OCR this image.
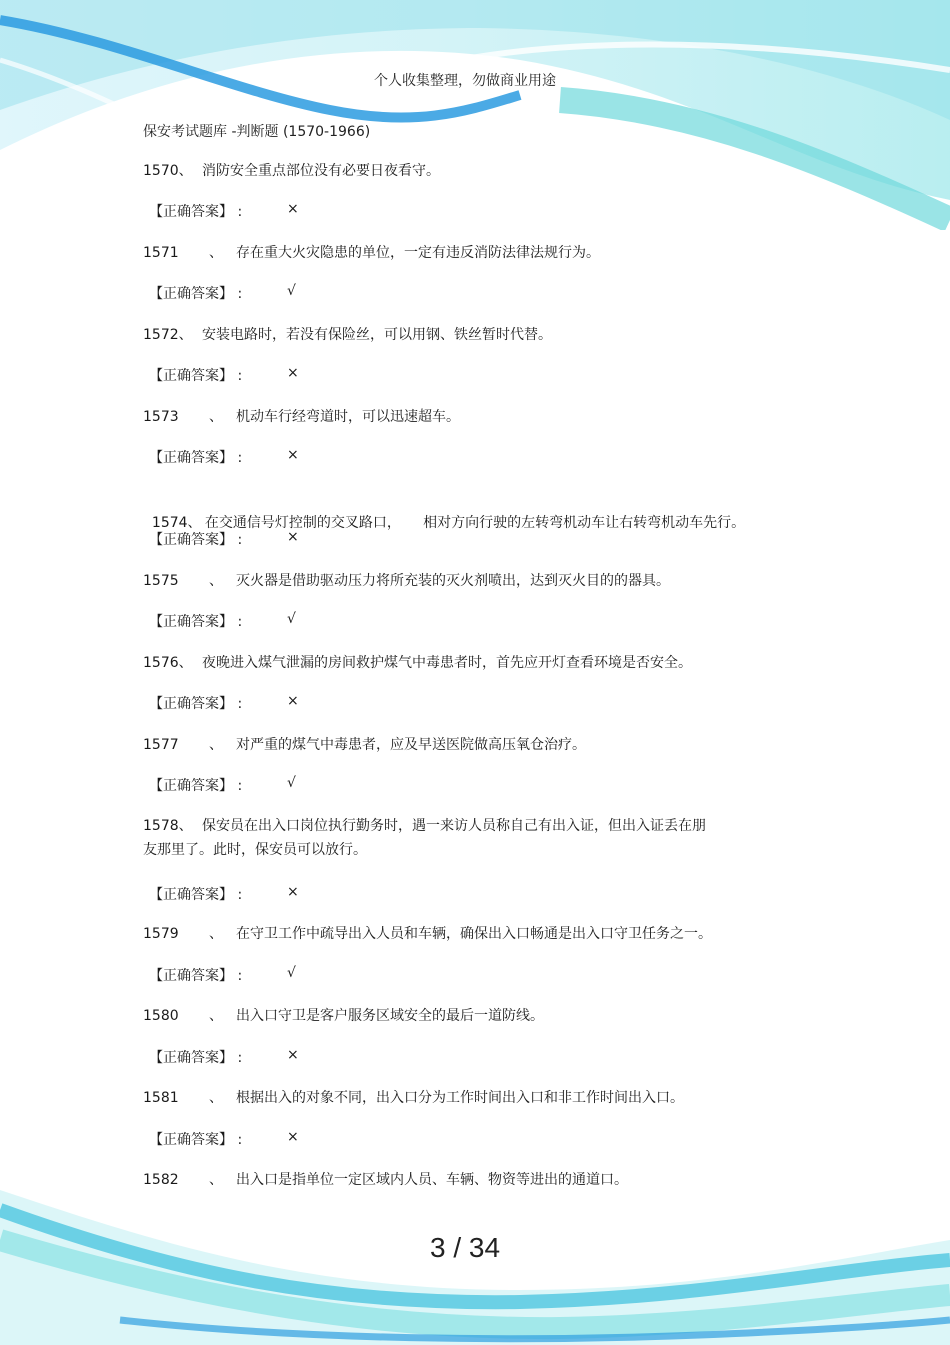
个人收集整理，勿做商业用途
保安考试题库 -判断题 (1570-1966)
1570、 消防安全重点部位没有必要日夜看守。
【正确答案】 :	×
1571 、 存在重大火灾隐患的单位，一定有违反消防法律法规行为。
【正确答案】 :	√
1572、 安装电路时，若没有保险丝，可以用钢、铁丝暂时代替。
【正确答案】 :	×
1573 、 机动车行经弯道时，可以迅速超车。
【正确答案】 :	×

1574、 在交通信号灯控制的交叉路口，     相对方向行驶的左转弯机动车让右转弯机动车先行。

【正确答案】 :	×
1575 、 灭火器是借助驱动压力将所充装的灭火剂喷出，达到灭火目的的器具。
【正确答案】 :	√
1576、 夜晚进入煤气泄漏的房间救护煤气中毒患者时，首先应开灯查看环境是否安全。
【正确答案】 :	×
1577 、 对严重的煤气中毒患者，应及早送医院做高压氧仓治疗。
【正确答案】 :	√
1578、 保安员在出入口岗位执行勤务时，遇一来访人员称自己有出入证，但出入证丢在朋
友那里了。此时，保安员可以放行。
【正确答案】 :	×
1579 、 在守卫工作中疏导出入人员和车辆，确保出入口畅通是出入口守卫任务之一。
【正确答案】 :	√
1580 、 出入口守卫是客户服务区域安全的最后一道防线。
【正确答案】 :	×
1581 、 根据出入的对象不同，出入口分为工作时间出入口和非工作时间出入口。
【正确答案】 :	×
1582 、 出入口是指单位一定区域内人员、车辆、物资等进出的通道口。
3 / 34
